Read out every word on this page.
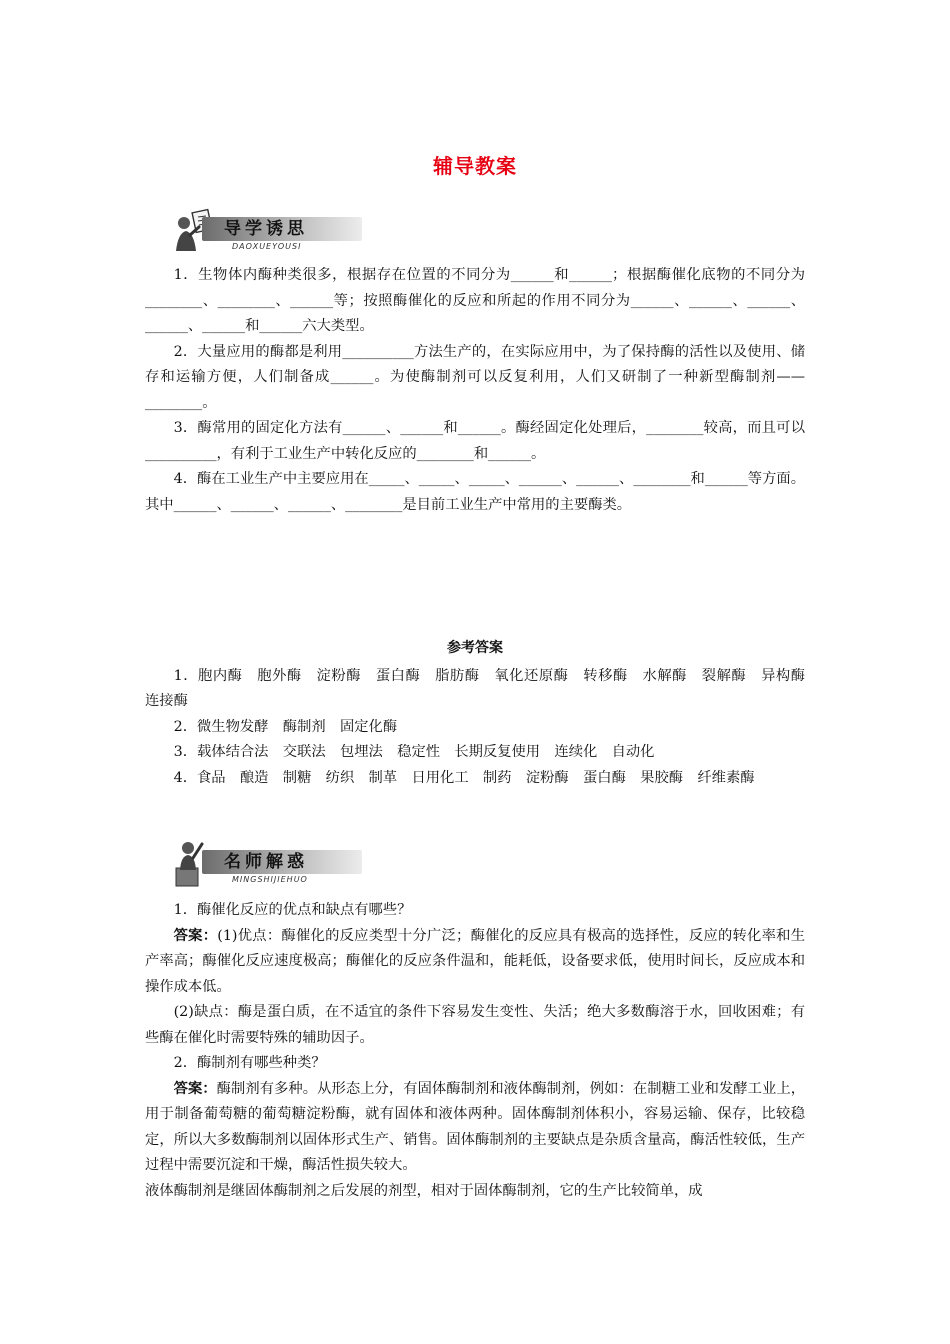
辅导教案
导学诱思
DAOXUEYOUSI

1．生物体内酶种类很多，根据存在位置的不同分为______和______；根据酶催化底物的不同分为________、________、______等；按照酶催化的反应和所起的作用不同分为______、______、______、______、______和______六大类型。

2．大量应用的酶都是利用__________方法生产的，在实际应用中，为了保持酶的活性以及使用、储存和运输方便，人们制备成______。为使酶制剂可以反复利用，人们又研制了一种新型酶制剂——________。

3．酶常用的固定化方法有______、______和______。酶经固定化处理后，________较高，而且可以__________，有利于工业生产中转化反应的________和______。

4．酶在工业生产中主要应用在_____、_____、_____、______、______、________和______等方面。其中______、______、______、________是目前工业生产中常用的主要酶类。

参考答案

1．胞内酶　胞外酶　淀粉酶　蛋白酶　脂肪酶　氧化还原酶　转移酶　水解酶　裂解酶　异构酶　连接酶

2．微生物发酵　酶制剂　固定化酶

3．载体结合法　交联法　包埋法　稳定性　长期反复使用　连续化　自动化

4．食品　酿造　制糖　纺织　制革　日用化工　制药　淀粉酶　蛋白酶　果胶酶　纤维素酶

名师解惑
MINGSHIJIEHUO

1．酶催化反应的优点和缺点有哪些？

答案：(1)优点：酶催化的反应类型十分广泛；酶催化的反应具有极高的选择性，反应的转化率和生产率高；酶催化反应速度极高；酶催化的反应条件温和，能耗低，设备要求低，使用时间长，反应成本和操作成本低。

(2)缺点：酶是蛋白质，在不适宜的条件下容易发生变性、失活；绝大多数酶溶于水，回收困难；有些酶在催化时需要特殊的辅助因子。

2．酶制剂有哪些种类？

答案：酶制剂有多种。从形态上分，有固体酶制剂和液体酶制剂，例如：在制糖工业和发酵工业上，用于制备葡萄糖的葡萄糖淀粉酶，就有固体和液体两种。固体酶制剂体积小，容易运输、保存，比较稳定，所以大多数酶制剂以固体形式生产、销售。固体酶制剂的主要缺点是杂质含量高，酶活性较低，生产过程中需要沉淀和干燥，酶活性损失较大。

液体酶制剂是继固体酶制剂之后发展的剂型，相对于固体酶制剂，它的生产比较简单，成
